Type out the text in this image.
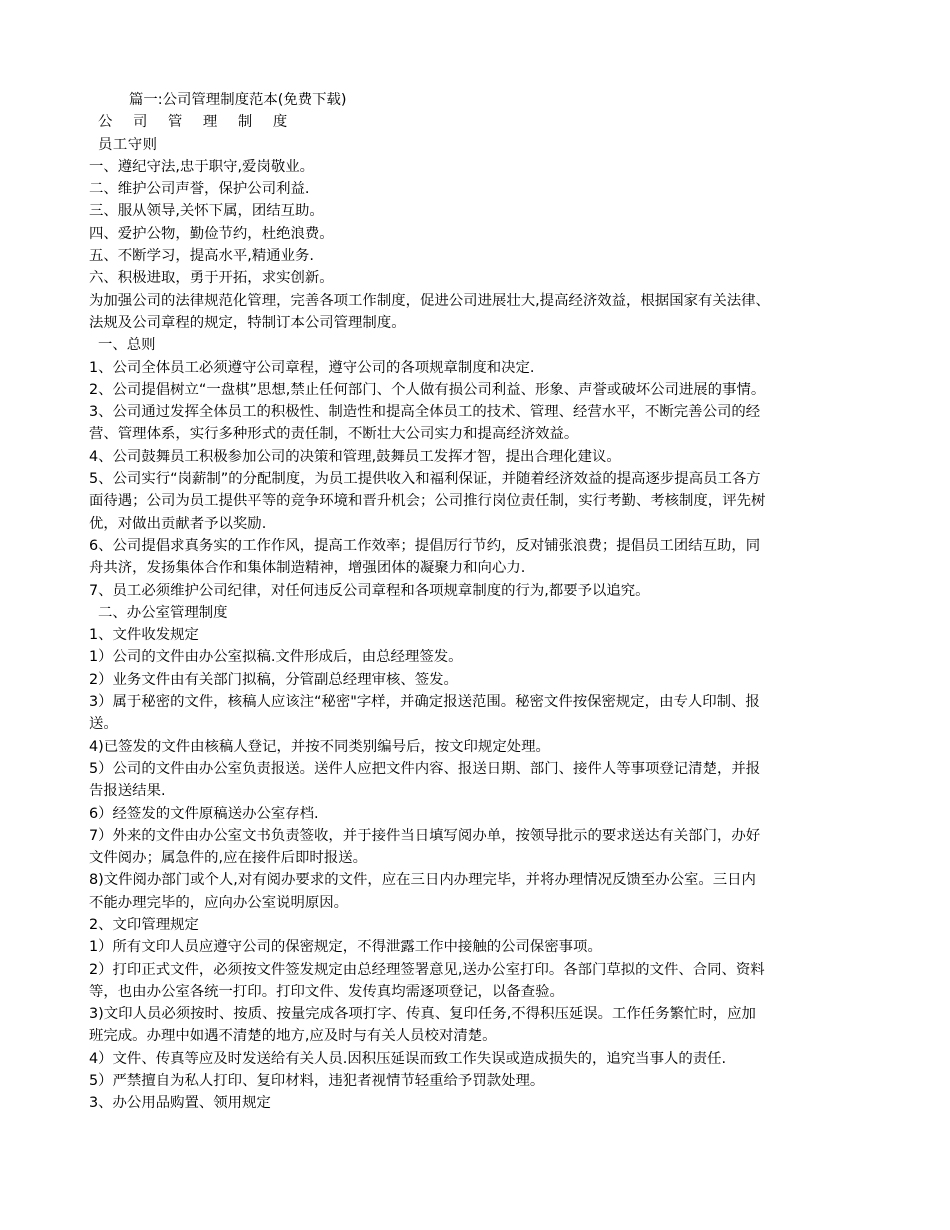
篇一:公司管理制度范本(免费下载)
公 司 管 理 制 度
员工守则
一、遵纪守法,忠于职守,爱岗敬业。
二、维护公司声誉，保护公司利益.
三、服从领导,关怀下属，团结互助。
四、爱护公物，勤俭节约，杜绝浪费。
五、不断学习，提高水平,精通业务.
六、积极进取，勇于开拓，求实创新。
为加强公司的法律规范化管理，完善各项工作制度，促进公司进展壮大,提高经济效益，根据国家有关法律、
法规及公司章程的规定，特制订本公司管理制度。
一、总则
1、公司全体员工必须遵守公司章程，遵守公司的各项规章制度和决定.
2、公司提倡树立“一盘棋”思想,禁止任何部门、个人做有损公司利益、形象、声誉或破坏公司进展的事情。
3、公司通过发挥全体员工的积极性、制造性和提高全体员工的技术、管理、经营水平，不断完善公司的经
营、管理体系，实行多种形式的责任制，不断壮大公司实力和提高经济效益。
4、公司鼓舞员工积极参加公司的决策和管理,鼓舞员工发挥才智，提出合理化建议。
5、公司实行“岗薪制”的分配制度，为员工提供收入和福利保证，并随着经济效益的提高逐步提高员工各方
面待遇；公司为员工提供平等的竞争环境和晋升机会；公司推行岗位责任制，实行考勤、考核制度，评先树
优，对做出贡献者予以奖励.
6、公司提倡求真务实的工作作风，提高工作效率；提倡厉行节约，反对铺张浪费；提倡员工团结互助，同
舟共济，发扬集体合作和集体制造精神，增强团体的凝聚力和向心力.
7、员工必须维护公司纪律，对任何违反公司章程和各项规章制度的行为,都要予以追究。
二、办公室管理制度
1、文件收发规定
1）公司的文件由办公室拟稿.文件形成后，由总经理签发。
2）业务文件由有关部门拟稿，分管副总经理审核、签发。
3）属于秘密的文件，核稿人应该注“秘密"字样，并确定报送范围。秘密文件按保密规定，由专人印制、报
送。
4)已签发的文件由核稿人登记，并按不同类别编号后，按文印规定处理。
5）公司的文件由办公室负责报送。送件人应把文件内容、报送日期、部门、接件人等事项登记清楚，并报
告报送结果.
6）经签发的文件原稿送办公室存档.
7）外来的文件由办公室文书负责签收，并于接件当日填写阅办单，按领导批示的要求送达有关部门，办好
文件阅办；属急件的,应在接件后即时报送。
8)文件阅办部门或个人,对有阅办要求的文件，应在三日内办理完毕，并将办理情况反馈至办公室。三日内
不能办理完毕的，应向办公室说明原因。
2、文印管理规定
1）所有文印人员应遵守公司的保密规定，不得泄露工作中接触的公司保密事项。
2）打印正式文件，必须按文件签发规定由总经理签署意见,送办公室打印。各部门草拟的文件、合同、资料
等，也由办公室各统一打印。打印文件、发传真均需逐项登记，以备查验。
3)文印人员必须按时、按质、按量完成各项打字、传真、复印任务,不得积压延误。工作任务繁忙时，应加
班完成。办理中如遇不清楚的地方,应及时与有关人员校对清楚。
4）文件、传真等应及时发送给有关人员.因积压延误而致工作失误或造成损失的，追究当事人的责任.
5）严禁擅自为私人打印、复印材料，违犯者视情节轻重给予罚款处理。
3、办公用品购置、领用规定
